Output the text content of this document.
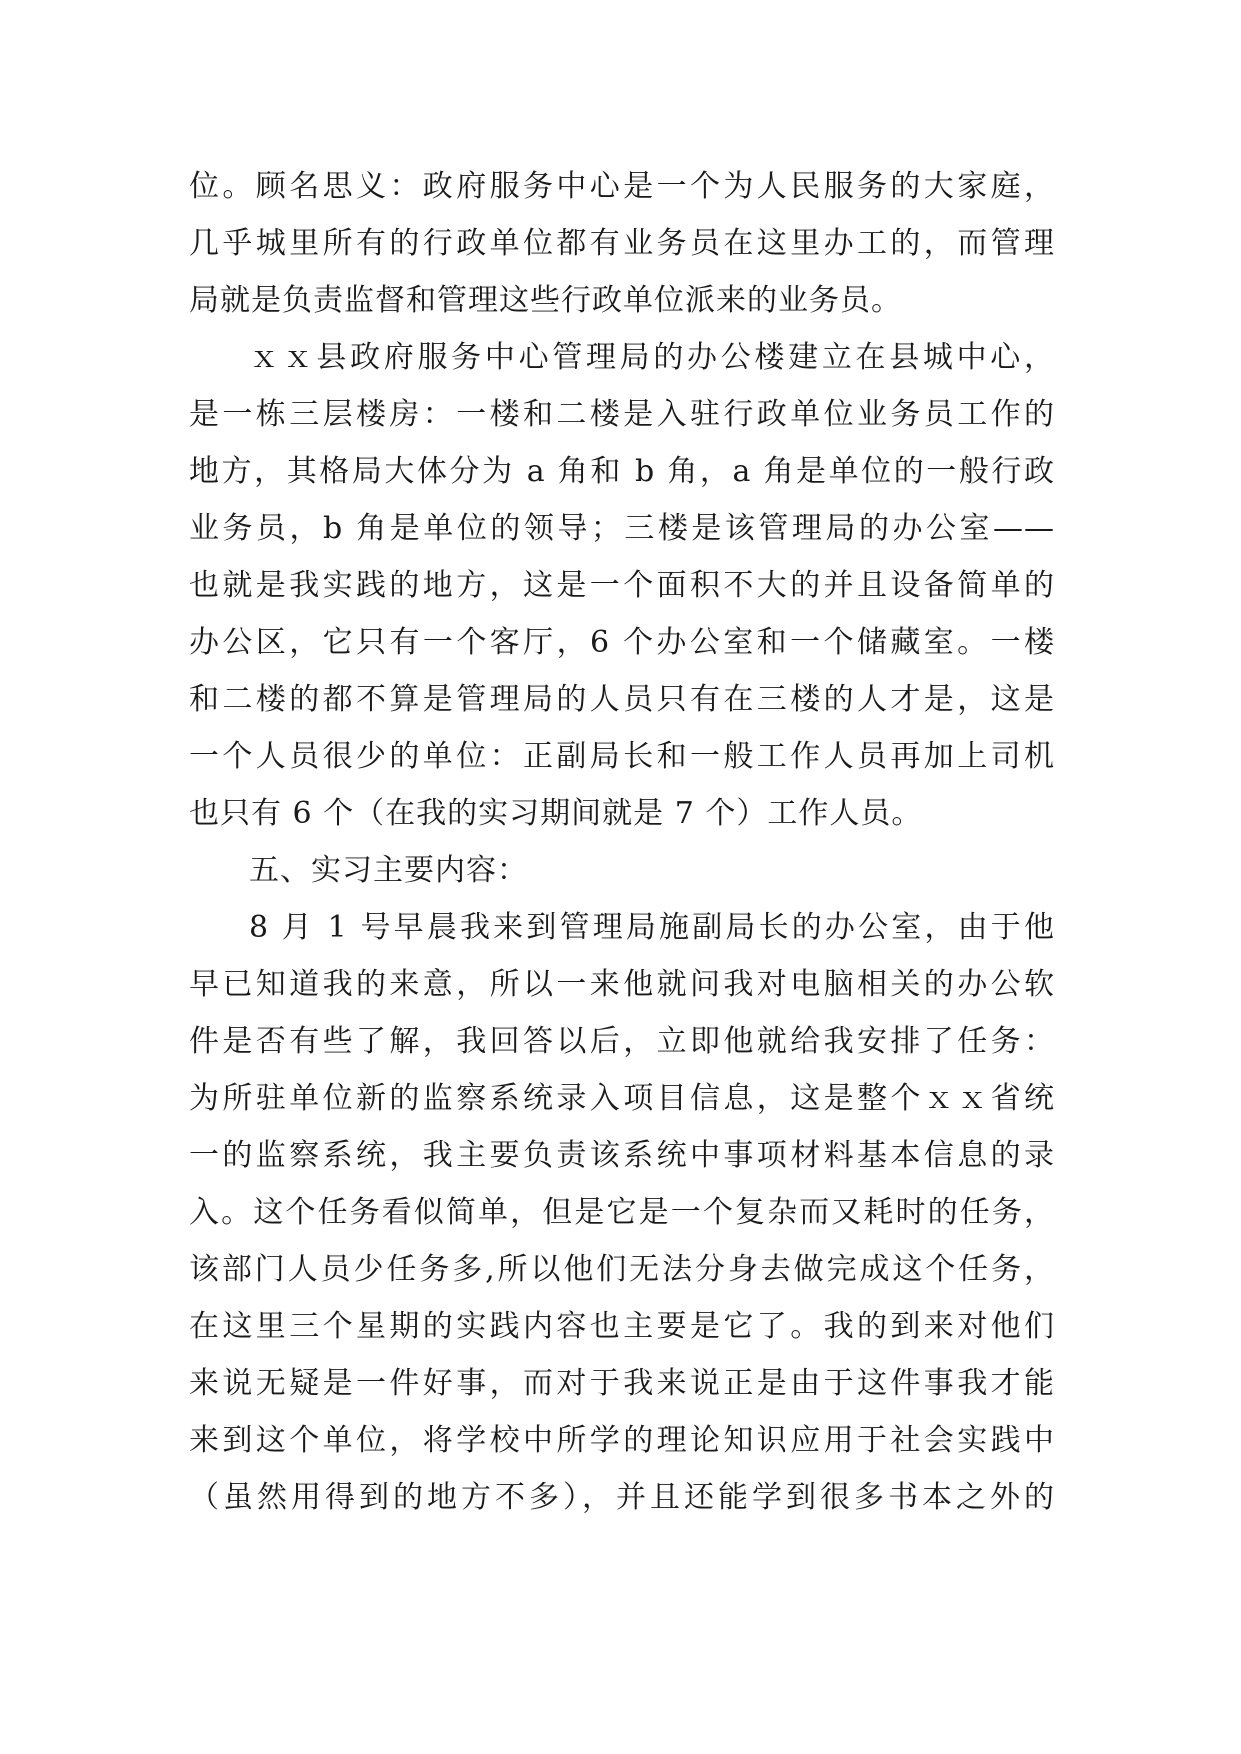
位。顾名思义：政府服务中心是一个为人民服务的大家庭，
几乎城里所有的行政单位都有业务员在这里办工的，而管理
局就是负责监督和管理这些行政单位派来的业务员。
ｘｘ县政府服务中心管理局的办公楼建立在县城中心，
是一栋三层楼房：一楼和二楼是入驻行政单位业务员工作的
地方，其格局大体分为 a 角和 b 角，a 角是单位的一般行政
业务员，b 角是单位的领导；三楼是该管理局的办公室——
也就是我实践的地方，这是一个面积不大的并且设备简单的
办公区，它只有一个客厅，6 个办公室和一个储藏室。一楼
和二楼的都不算是管理局的人员只有在三楼的人才是，这是
一个人员很少的单位：正副局长和一般工作人员再加上司机
也只有 6 个（在我的实习期间就是 7 个）工作人员。
五、实习主要内容：
8 月 1 号早晨我来到管理局施副局长的办公室，由于他
早已知道我的来意，所以一来他就问我对电脑相关的办公软
件是否有些了解，我回答以后，立即他就给我安排了任务：
为所驻单位新的监察系统录入项目信息，这是整个ｘｘ省统
一的监察系统，我主要负责该系统中事项材料基本信息的录
入。这个任务看似简单，但是它是一个复杂而又耗时的任务，
该部门人员少任务多,所以他们无法分身去做完成这个任务，
在这里三个星期的实践内容也主要是它了。我的到来对他们
来说无疑是一件好事，而对于我来说正是由于这件事我才能
来到这个单位，将学校中所学的理论知识应用于社会实践中
（虽然用得到的地方不多），并且还能学到很多书本之外的
